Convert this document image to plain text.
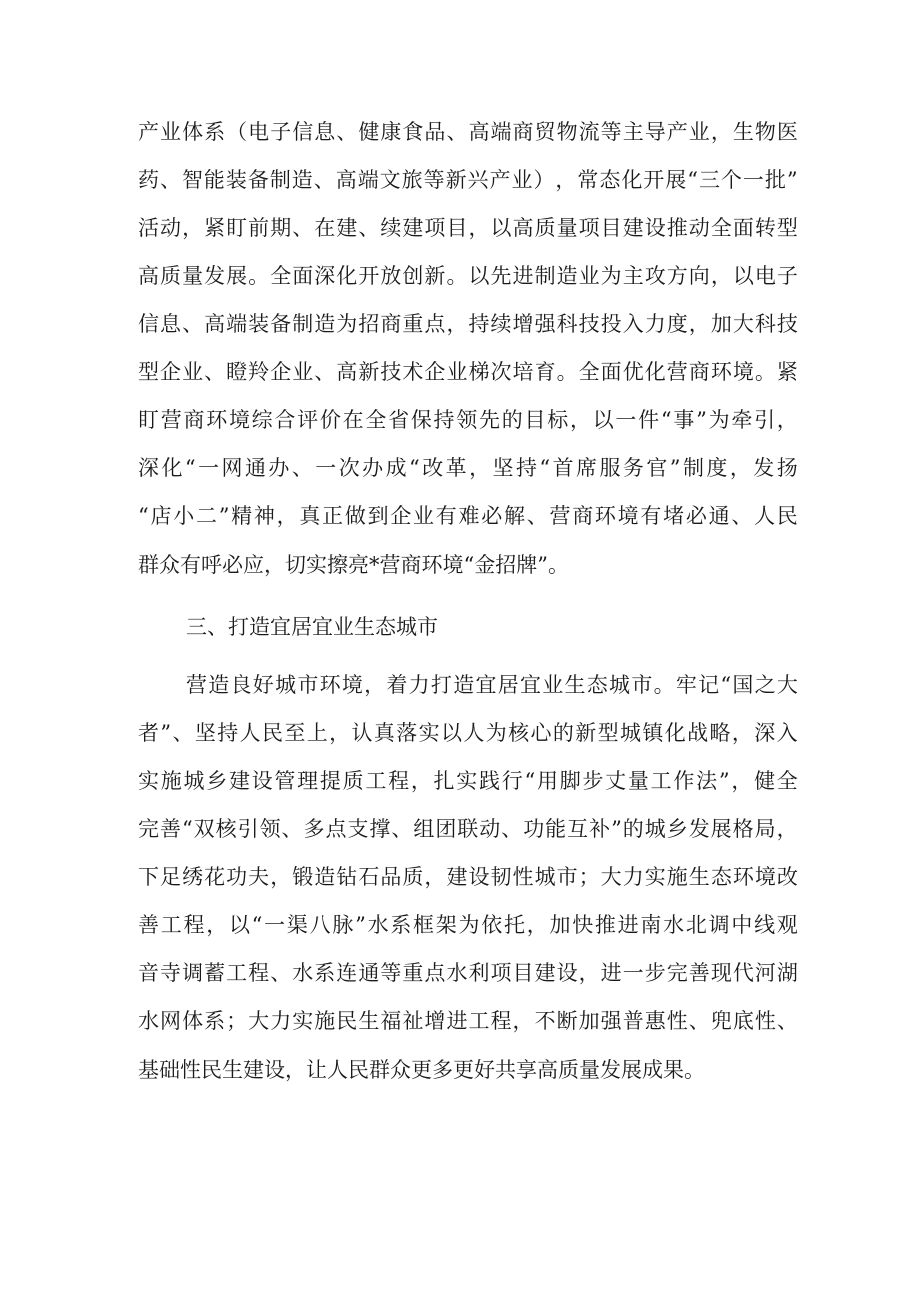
产 业 体 系 （ 电 子 信 息 、 健 康 食 品 、 高 端 商 贸 物 流 等 主 导 产 业 ， 生 物 医
药 、 智 能 装 备 制 造 、 高 端 文 旅 等 新 兴 产 业 ） ， 常 态 化 开 展 “ 三 个 一 批 ”
活 动 ， 紧 盯 前 期 、 在 建 、 续 建 项 目 ， 以 高 质 量 项 目 建 设 推 动 全 面 转 型
高 质 量 发 展 。 全 面 深 化 开 放 创 新 。 以 先 进 制 造 业 为 主 攻 方 向 ， 以 电 子
信 息 、 高 端 装 备 制 造 为 招 商 重 点 ， 持 续 增 强 科 技 投 入 力 度 ， 加 大 科 技
型 企 业 、 瞪 羚 企 业 、 高 新 技 术 企 业 梯 次 培 育 。 全 面 优 化 营 商 环 境 。 紧
盯 营 商 环 境 综 合 评 价 在 全 省 保 持 领 先 的 目 标 ， 以 一 件 “ 事 ” 为 牵 引 ，
深 化 “ 一 网 通 办 、 一 次 办 成 “ 改 革 ， 坚 持 “ 首 席 服 务 官 ” 制 度 ， 发 扬
“ 店 小 二 ” 精 神 ， 真 正 做 到 企 业 有 难 必 解 、 营 商 环 境 有 堵 必 通 、 人 民
群众有呼必应，切实擦亮*营商环境“金招牌”。
三、打造宜居宜业生态城市
营 造 良 好 城 市 环 境 ， 着 力 打 造 宜 居 宜 业 生 态 城 市 。 牢 记 “ 国 之 大
者 ” 、 坚 持 人 民 至 上 ， 认 真 落 实 以 人 为 核 心 的 新 型 城 镇 化 战 略 ， 深 入
实 施 城 乡 建 设 管 理 提 质 工 程 ， 扎 实 践 行 “ 用 脚 步 丈 量 工 作 法 ” ， 健 全
完 善 “ 双 核 引 领 、 多 点 支 撑 、 组 团 联 动 、 功 能 互 补 ” 的 城 乡 发 展 格 局 ，
下 足 绣 花 功 夫 ， 锻 造 钻 石 品 质 ， 建 设 韧 性 城 市 ； 大 力 实 施 生 态 环 境 改
善 工 程 ， 以 “ 一 渠 八 脉 ” 水 系 框 架 为 依 托 ， 加 快 推 进 南 水 北 调 中 线 观
音 寺 调 蓄 工 程 、 水 系 连 通 等 重 点 水 利 项 目 建 设 ， 进 一 步 完 善 现 代 河 湖
水 网 体 系 ； 大 力 实 施 民 生 福 祉 增 进 工 程 ， 不 断 加 强 普 惠 性 、 兜 底 性 、
基础性民生建设，让人民群众更多更好共享高质量发展成果。
